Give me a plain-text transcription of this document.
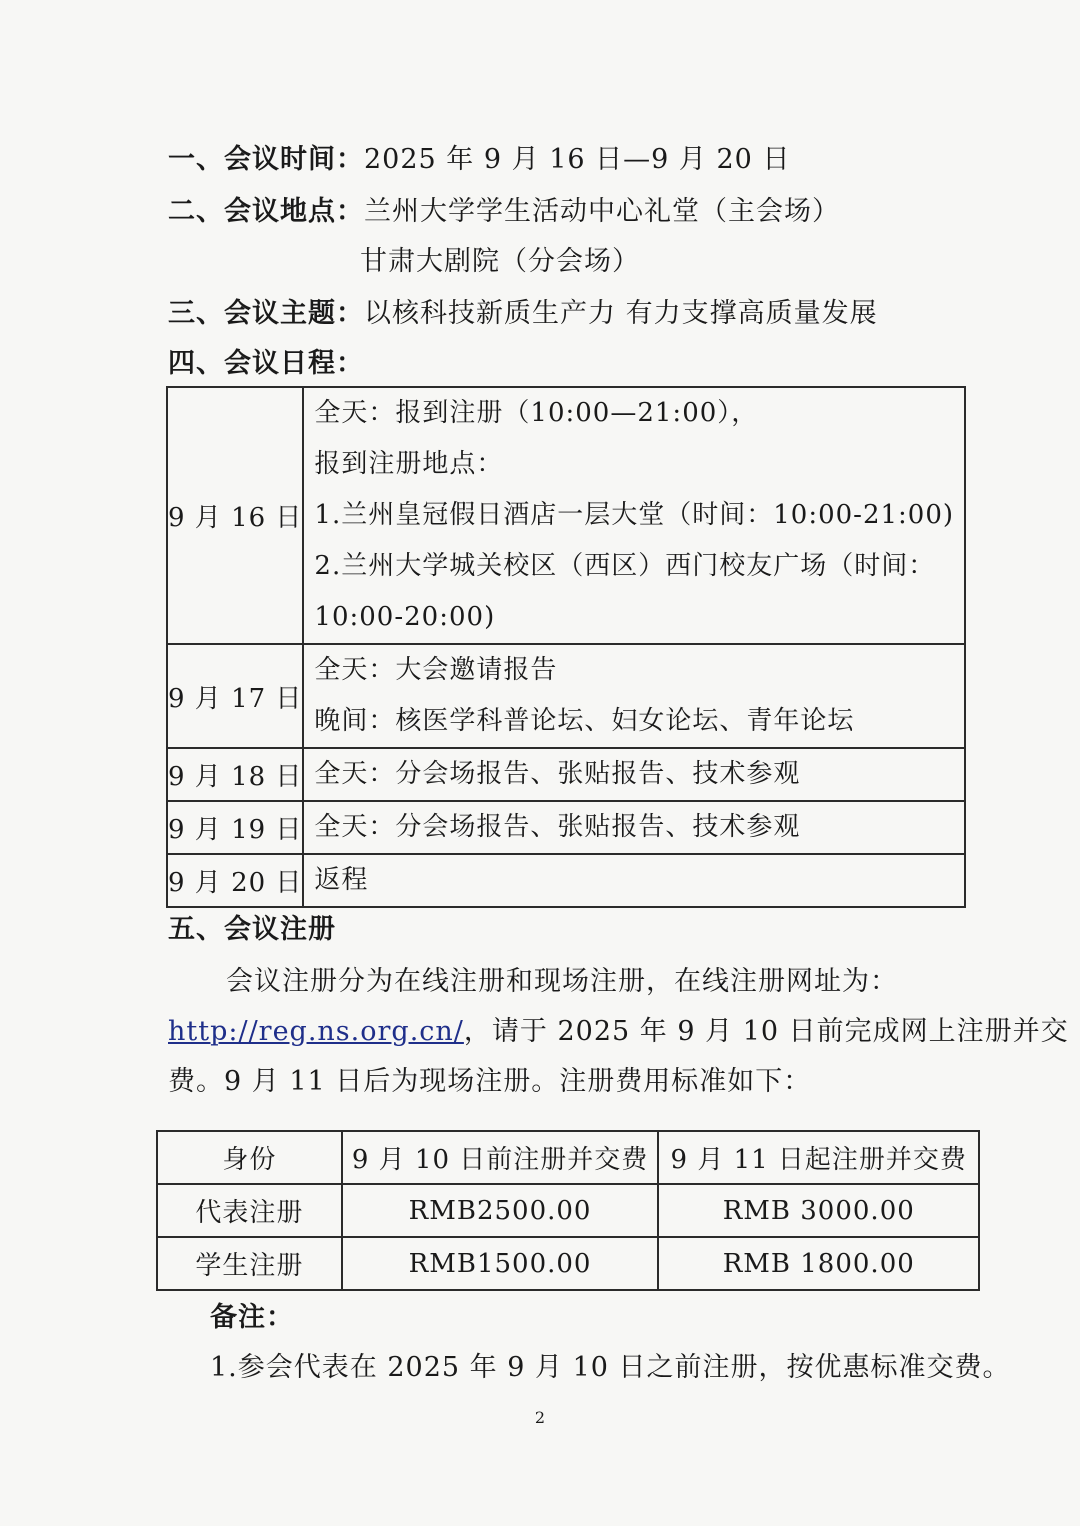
一、会议时间：2025 年 9 月 16 日—9 月 20 日
二、会议地点：兰州大学学生活动中心礼堂（主会场）
甘肃大剧院（分会场）
三、会议主题：以核科技新质生产力 有力支撑高质量发展
四、会议日程：
9 月 16 日	全天：报到注册（10:00—21:00），
报到注册地点：
1.兰州皇冠假日酒店一层大堂（时间：10:00-21:00)
2.兰州大学城关校区（西区）西门校友广场（时间：
10:00-20:00)

9 月 17 日	全天：大会邀请报告
晚间：核医学科普论坛、妇女论坛、青年论坛

9 月 18 日	全天：分会场报告、张贴报告、技术参观

9 月 19 日	全天：分会场报告、张贴报告、技术参观

9 月 20 日	返程
五、会议注册
会议注册分为在线注册和现场注册，在线注册网址为：
http://reg.ns.org.cn/，请于 2025 年 9 月 10 日前完成网上注册并交
费。9 月 11 日后为现场注册。注册费用标准如下：
身份	9 月 10 日前注册并交费	9 月 11 日起注册并交费
代表注册	RMB2500.00	RMB 3000.00
学生注册	RMB1500.00	RMB 1800.00
备注：
1.参会代表在 2025 年 9 月 10 日之前注册，按优惠标准交费。
2
